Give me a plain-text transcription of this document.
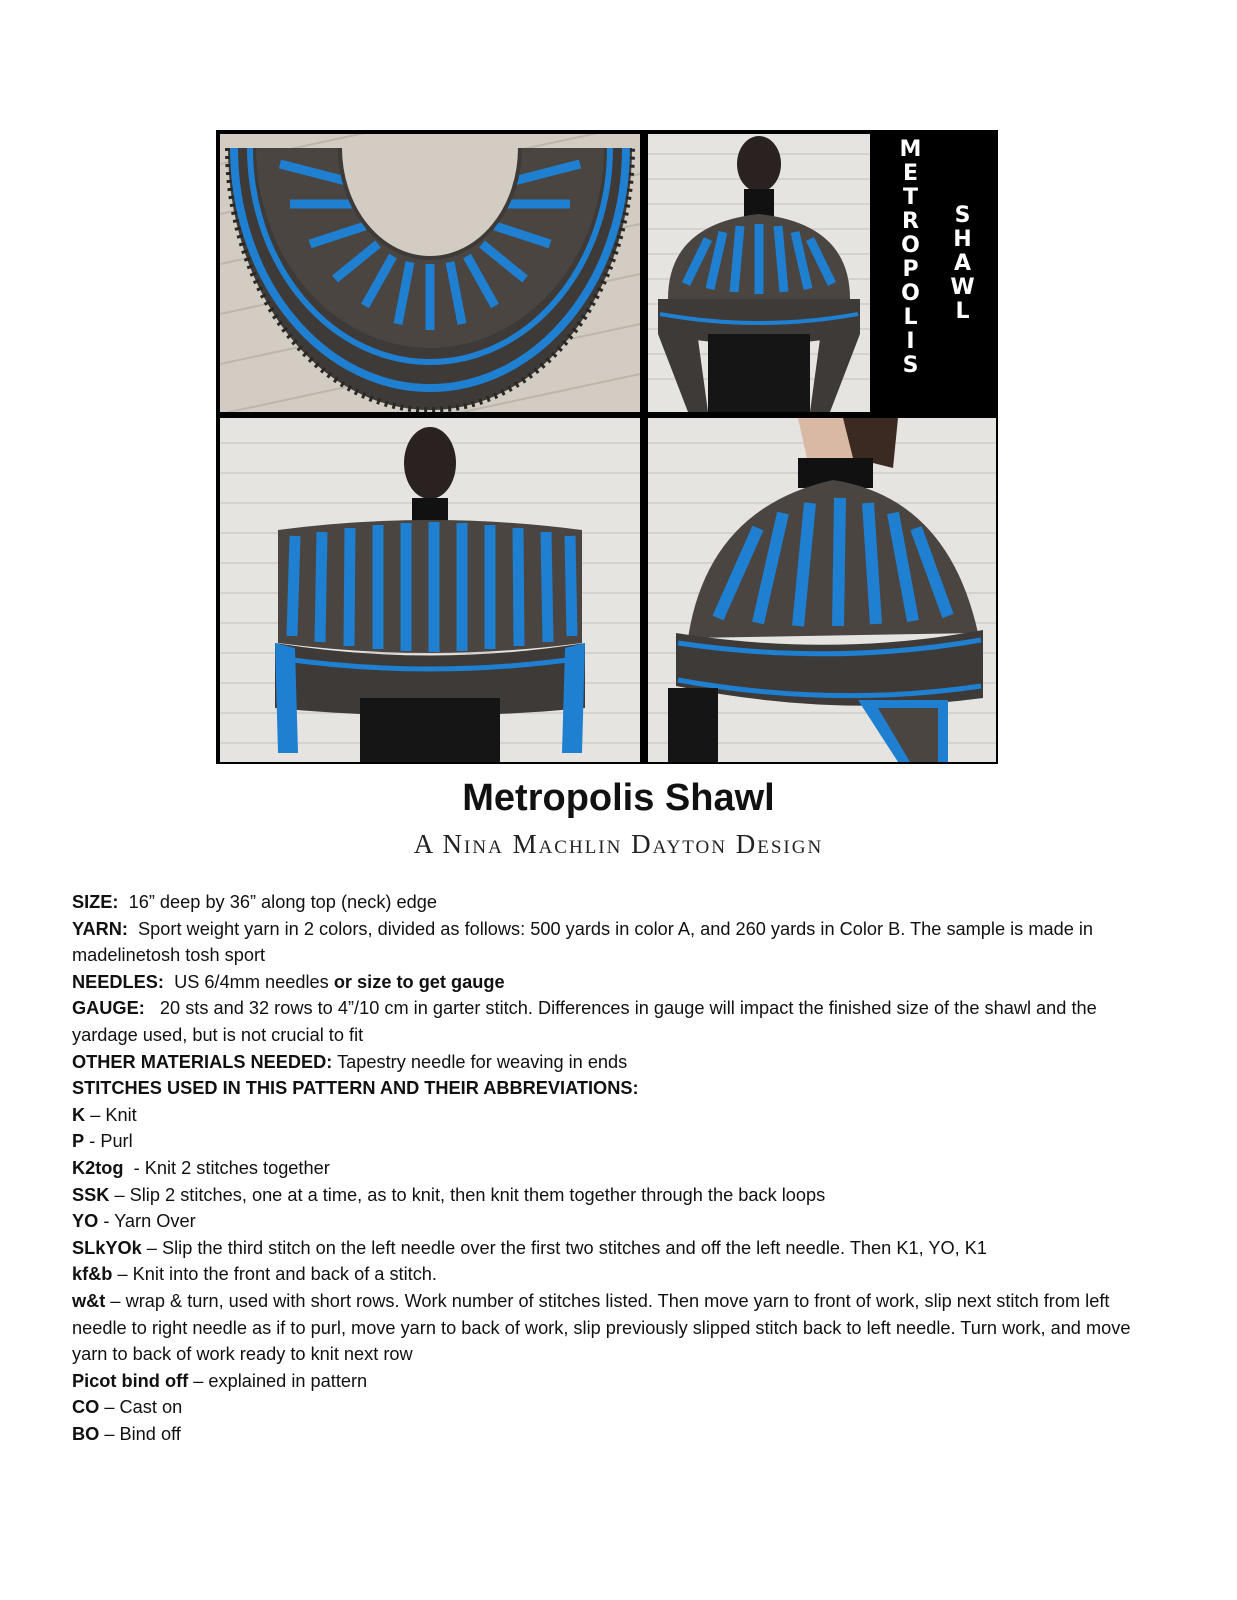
M
E
T
R
O
P
O
L
I
S
S
H
A
W
L
Metropolis Shawl
A Nina Machlin Dayton Design

SIZE: 16” deep by 36” along top (neck) edge

YARN: Sport weight yarn in 2 colors, divided as follows: 500 yards in color A, and 260 yards in Color B. The sample is made in madelinetosh tosh sport

NEEDLES: US 6/4mm needles or size to get gauge

GAUGE: 20 sts and 32 rows to 4”/10 cm in garter stitch. Differences in gauge will impact the finished size of the shawl and the yardage used, but is not crucial to fit

OTHER MATERIALS NEEDED: Tapestry needle for weaving in ends

STITCHES USED IN THIS PATTERN AND THEIR ABBREVIATIONS:

K – Knit

P - Purl

K2tog  - Knit 2 stitches together

SSK – Slip 2 stitches, one at a time, as to knit, then knit them together through the back loops

YO - Yarn Over

SLkYOk – Slip the third stitch on the left needle over the first two stitches and off the left needle. Then K1, YO, K1

kf&b – Knit into the front and back of a stitch.

w&t – wrap & turn, used with short rows. Work number of stitches listed. Then move yarn to front of work, slip next stitch from left needle to right needle as if to purl, move yarn to back of work, slip previously slipped stitch back to left needle. Turn work, and move yarn to back of work ready to knit next row

Picot bind off – explained in pattern

CO – Cast on

BO – Bind off
